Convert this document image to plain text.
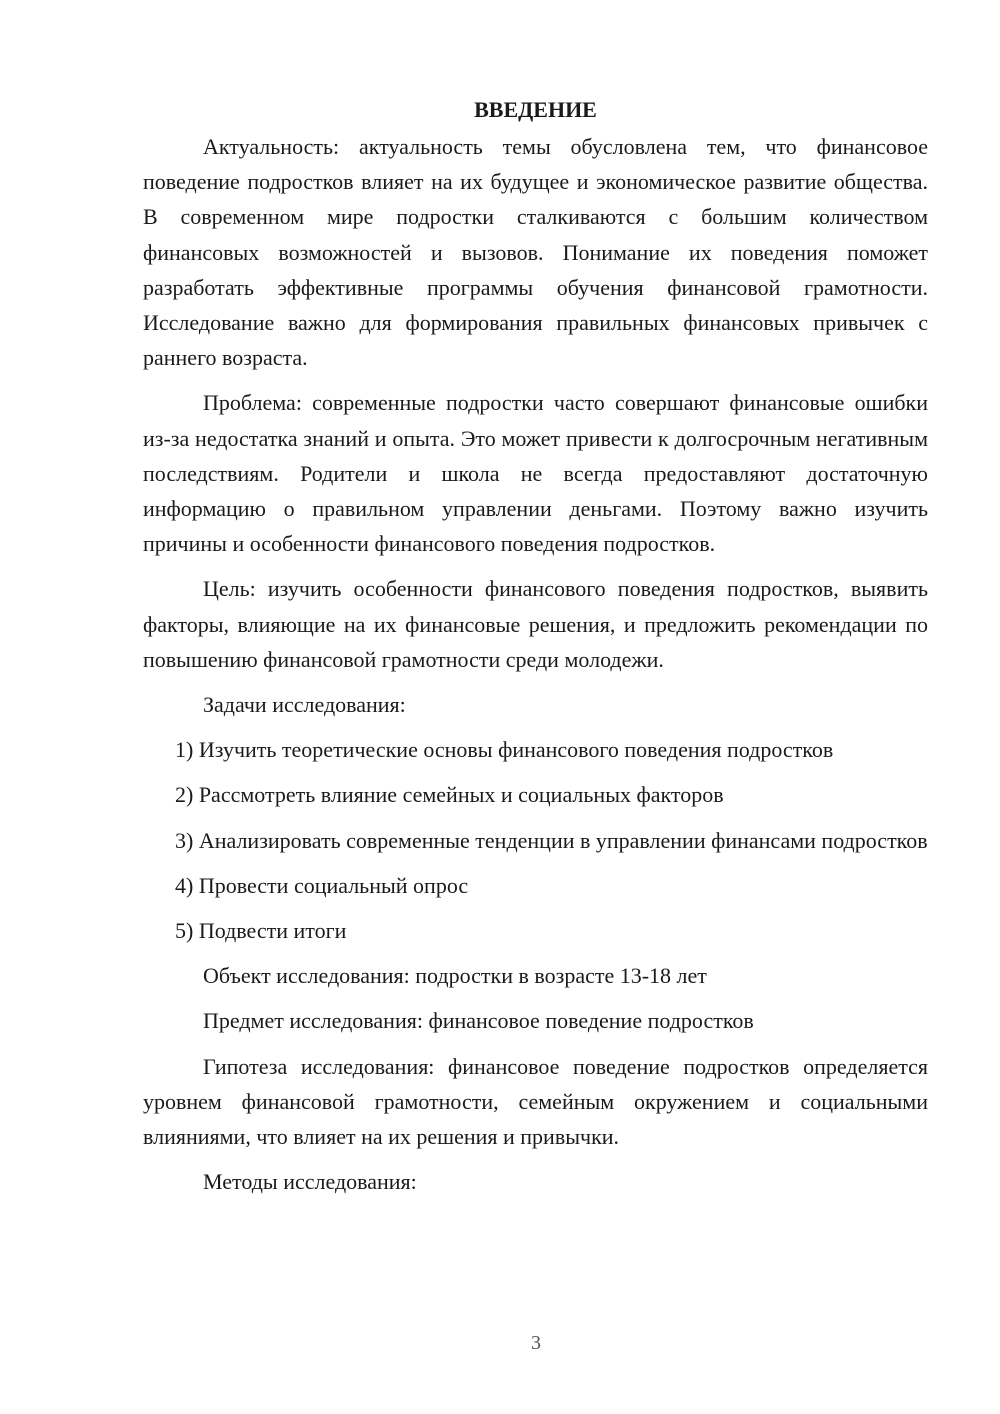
ВВЕДЕНИЕ

Актуальность: актуальность темы обусловлена тем, что финансовое поведение подростков влияет на их будущее и экономическое развитие общества. В современном мире подростки сталкиваются с большим количеством финансовых возможностей и вызовов. Понимание их поведения поможет разработать эффективные программы обучения финансовой грамотности. Исследование важно для формирования правильных финансовых привычек с раннего возраста.

Проблема: современные подростки часто совершают финансовые ошибки из-за недостатка знаний и опыта. Это может привести к долгосрочным негативным последствиям. Родители и школа не всегда предоставляют достаточную информацию о правильном управлении деньгами. Поэтому важно изучить причины и особенности финансового поведения подростков.

Цель: изучить особенности финансового поведения подростков, выявить факторы, влияющие на их финансовые решения, и предложить рекомендации по повышению финансовой грамотности среди молодежи.

Задачи исследования:

1) Изучить теоретические основы финансового поведения подростков

2) Рассмотреть влияние семейных и социальных факторов

3) Анализировать современные тенденции в управлении финансами подростков

4) Провести социальный опрос

5) Подвести итоги

Объект исследования: подростки в возрасте 13-18 лет

Предмет исследования: финансовое поведение подростков

Гипотеза исследования: финансовое поведение подростков определяется уровнем финансовой грамотности, семейным окружением и социальными влияниями, что влияет на их решения и привычки.

Методы исследования:

3
